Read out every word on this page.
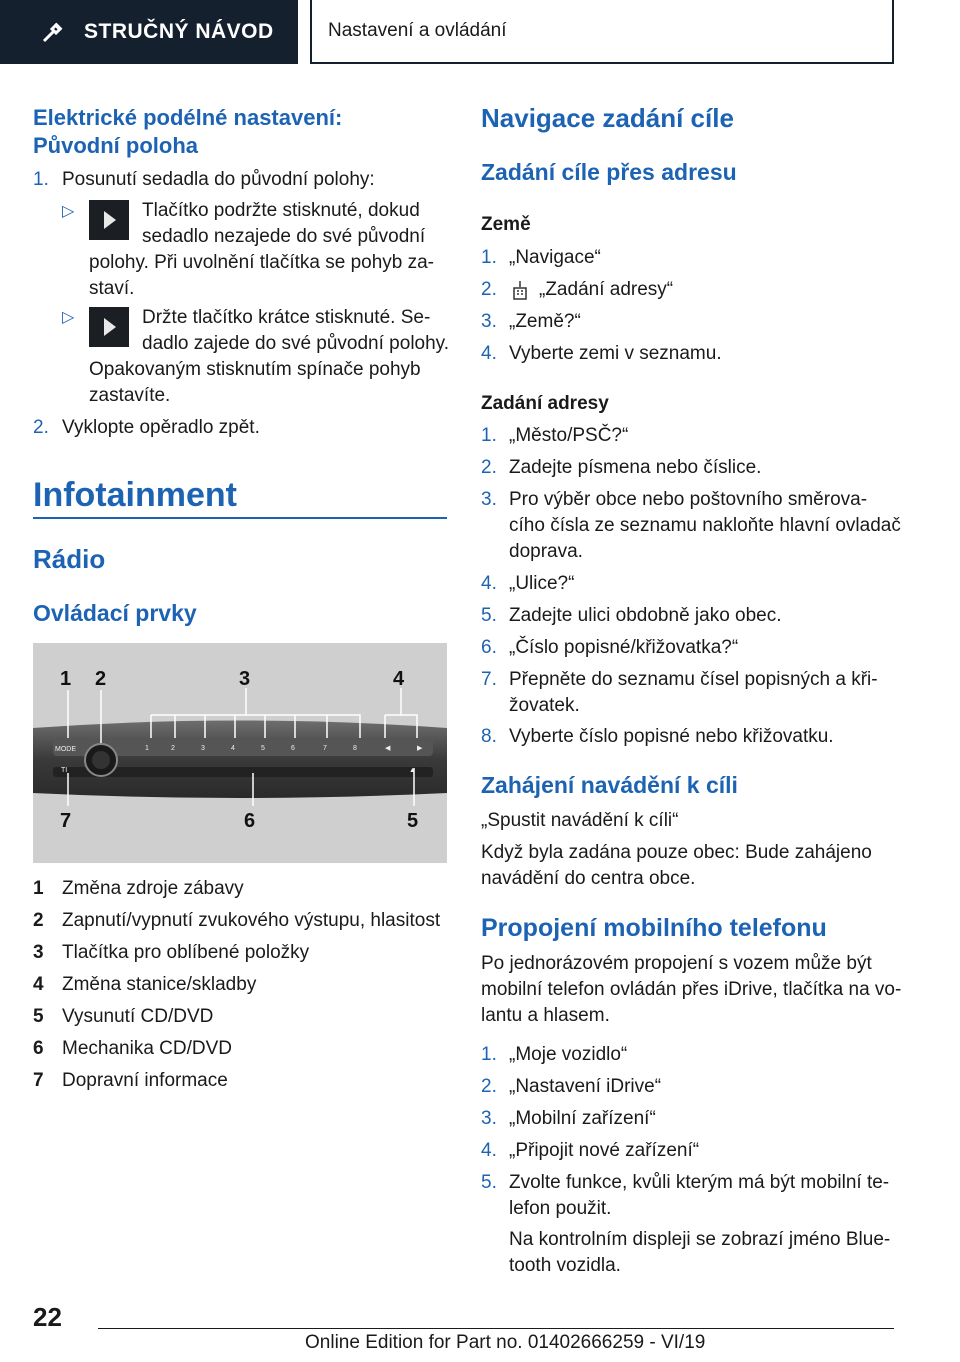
STRUČNÝ NÁVOD	Nastavení a ovládání
Elektrické podélné nastavení:
Původní poloha
1. Posunutí sedadla do původní polohy:
▷	Tlačítko podržte stisknuté, dokud
sedadlo nezajede do své původní
polohy. Při uvolnění tlačítka se pohyb za-
staví.
▷	Držte tlačítko krátce stisknuté. Se-
dadlo zajede do své původní polohy.
Opakovaným stisknutím spínače pohyb
zastavíte.
2. Vyklopte opěradlo zpět.
Infotainment
Rádio
Ovládací prvky
MODE	1	2	3	4	5	6	7	8	◀	▶
▲
TI
1 2	3	4
7	6	5
1 Změna zdroje zábavy
2 Zapnutí/vypnutí zvukového výstupu, hlasitost
3 Tlačítka pro oblíbené položky
4 Změna stanice/skladby
5 Vysunutí CD/DVD
6 Mechanika CD/DVD
7 Dopravní informace
Navigace zadání cíle
Zadání cíle přes adresu
Země
1. „Navigace“
2. „Zadání adresy“
3. „Země?“
4. Vyberte zemi v seznamu.
Zadání adresy
1. „Město/PSČ?“
2. Zadejte písmena nebo číslice.
3. Pro výběr obce nebo poštovního směrova-
cího čísla ze seznamu nakloňte hlavní ovladač
doprava.
4. „Ulice?“
5. Zadejte ulici obdobně jako obec.
6. „Číslo popisné/křižovatka?“
7. Přepněte do seznamu čísel popisných a kři-
žovatek.
8. Vyberte číslo popisné nebo křižovatku.
Zahájení navádění k cíli
„Spustit navádění k cíli“
Když byla zadána pouze obec: Bude zahájeno
navádění do centra obce.
Propojení mobilního telefonu
Po jednorázovém propojení s vozem může být
mobilní telefon ovládán přes iDrive, tlačítka na vo-
lantu a hlasem.
1. „Moje vozidlo“
2. „Nastavení iDrive“
3. „Mobilní zařízení“
4. „Připojit nové zařízení“
5. Zvolte funkce, kvůli kterým má být mobilní te-
lefon použit.
Na kontrolním displeji se zobrazí jméno Blue-
tooth vozidla.
22
Online Edition for Part no. 01402666259 - VI/19
